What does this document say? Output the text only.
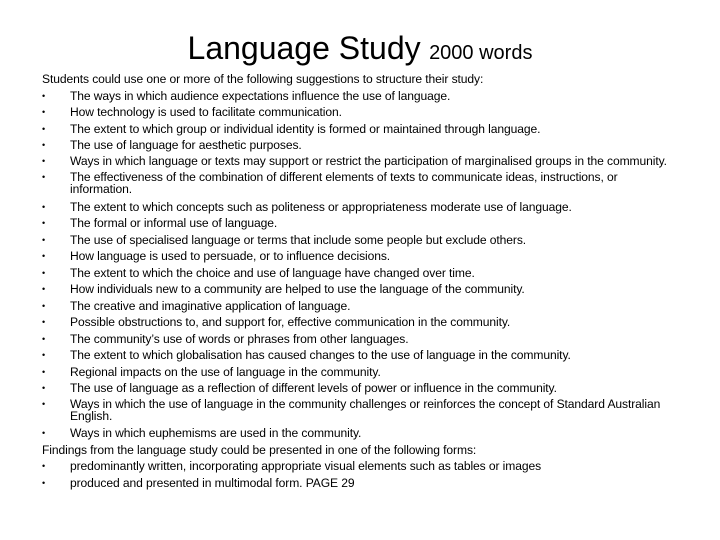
Language Study 2000 words

Students could use one or more of the following suggestions to structure their study:

•	The ways in which audience expectations influence the use of language.
•	How technology is used to facilitate communication.
•	The extent to which group or individual identity is formed or maintained through language.
•	The use of language for aesthetic purposes.
•	Ways in which language or texts may support or restrict the participation of marginalised groups in the community.
•	The effectiveness of the combination of different elements of texts to communicate ideas, instructions, or information.
•	The extent to which concepts such as politeness or appropriateness moderate use of language.
•	The formal or informal use of language.
•	The use of specialised language or terms that include some people but exclude others.
•	How language is used to persuade, or to influence decisions.
•	The extent to which the choice and use of language have changed over time.
•	How individuals new to a community are helped to use the language of the community.
•	The creative and imaginative application of language.
•	Possible obstructions to, and support for, effective communication in the community.
•	The community’s use of words or phrases from other languages.
•	The extent to which globalisation has caused changes to the use of language in the community.
•	Regional impacts on the use of language in the community.
•	The use of language as a reflection of different levels of power or influence in the community.
•	Ways in which the use of language in the community challenges or reinforces the concept of Standard Australian English.
•	Ways in which euphemisms are used in the community.

Findings from the language study could be presented in one of the following forms:

•	predominantly written, incorporating appropriate visual elements such as tables or images
•	produced and presented in multimodal form. PAGE 29
